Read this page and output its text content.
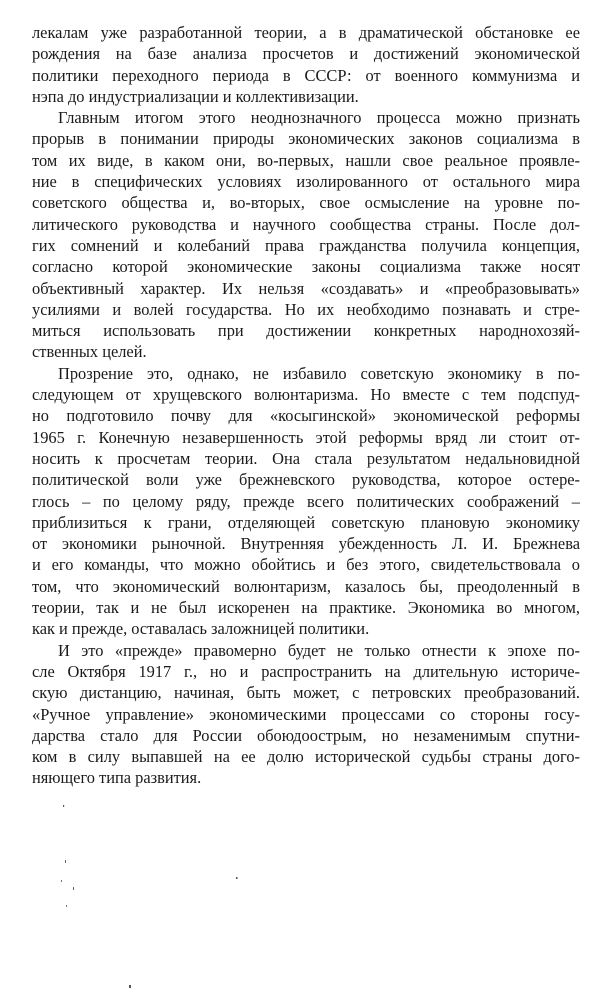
лекалам уже разработанной теории, а в драматической обстановке ее
рождения на базе анализа просчетов и достижений экономической
политики переходного периода в СССР: от военного коммунизма и
нэпа до индустриализации и коллективизации.
Главным итогом этого неоднозначного процесса можно признать
прорыв в понимании природы экономических законов социализма в
том их виде, в каком они, во-первых, нашли свое реальное проявле-
ние в специфических условиях изолированного от остального мира
советского общества и, во-вторых, свое осмысление на уровне по-
литического руководства и научного сообщества страны. После дол-
гих сомнений и колебаний права гражданства получила концепция,
согласно которой экономические законы социализма также носят
объективный характер. Их нельзя «создавать» и «преобразовывать»
усилиями и волей государства. Но их необходимо познавать и стре-
миться использовать при достижении конкретных народнохозяй-
ственных целей.
Прозрение это, однако, не избавило советскую экономику в по-
следующем от хрущевского волюнтаризма. Но вместе с тем подспуд-
но подготовило почву для «косыгинской» экономической реформы
1965 г. Конечную незавершенность этой реформы вряд ли стоит от-
носить к просчетам теории. Она стала результатом недальновидной
политической воли уже брежневского руководства, которое остере-
глось – по целому ряду, прежде всего политических соображений –
приблизиться к грани, отделяющей советскую плановую экономику
от экономики рыночной. Внутренняя убежденность Л. И. Брежнева
и его команды, что можно обойтись и без этого, свидетельствовала о
том, что экономический волюнтаризм, казалось бы, преодоленный в
теории, так и не был искоренен на практике. Экономика во многом,
как и прежде, оставалась заложницей политики.
И это «прежде» правомерно будет не только отнести к эпохе по-
сле Октября 1917 г., но и распространить на длительную историче-
скую дистанцию, начиная, быть может, с петровских преобразований.
«Ручное управление» экономическими процессами со стороны госу-
дарства стало для России обоюдоострым, но незаменимым спутни-
ком в силу выпавшей на ее долю исторической судьбы страны дого-
няющего типа развития.
